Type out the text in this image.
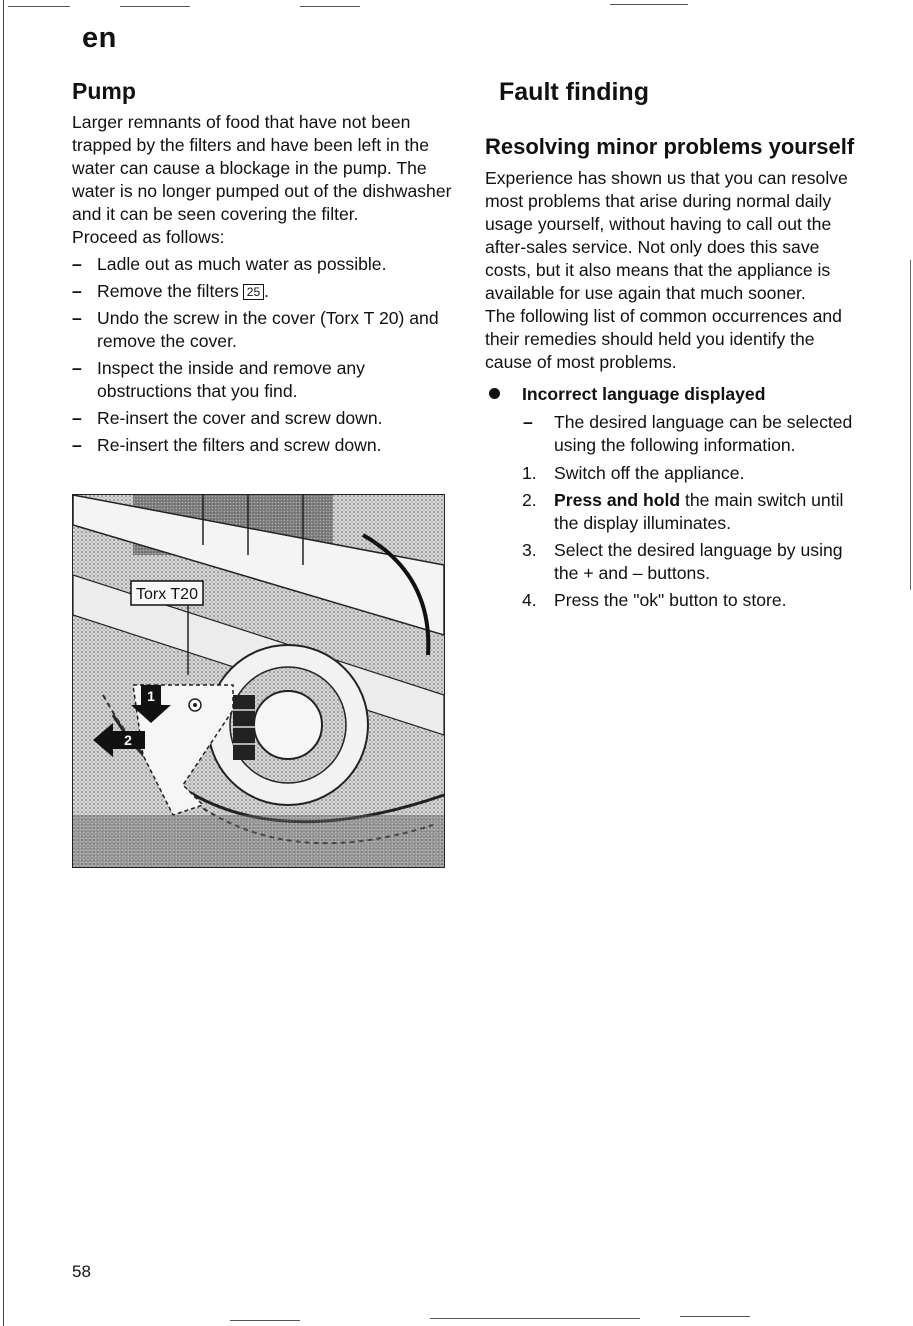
en
Pump

Larger remnants of food that have not been trapped by the filters and have been left in the water can cause a blockage in the pump. The water is no longer pumped out of the dishwasher and it can be seen covering the filter.

Proceed as follows:

– Ladle out as much water as possible.
– Remove the filters 25 .
– Undo the screw in the cover (Torx T 20) and remove the cover.
– Inspect the inside and remove any obstructions that you find.
– Re-insert the cover and screw down.
– Re-insert the filters and screw down.
Torx T20
1
2
Fault finding
Resolving minor problems yourself

Experience has shown us that you can resolve most problems that arise during normal daily usage yourself, without having to call out the after-sales service. Not only does this save costs, but it also means that the appliance is available for use again that much sooner.

The following list of common occurrences and their remedies should held you identify the cause of most problems.

Incorrect language displayed
– The desired language can be selected using the following information.
1. Switch off the appliance.
2. Press and hold the main switch until the display illuminates.
3. Select the desired language by using the + and – buttons.
4. Press the "ok" button to store.
58
